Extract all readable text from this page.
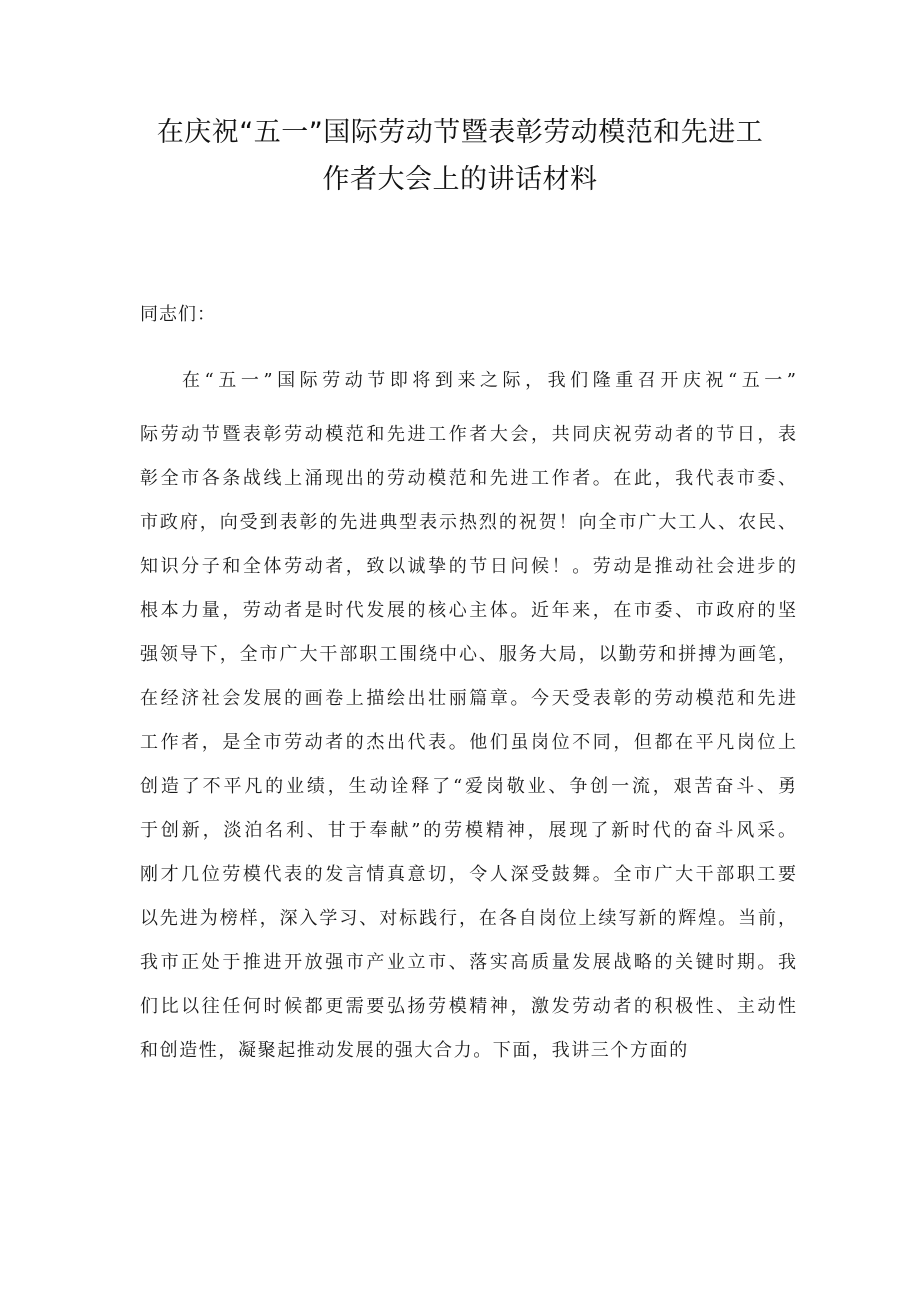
在庆祝“五一”国际劳动节暨表彰劳动模范和先进工
作者大会上的讲话材料
同志们：
在“五一”国际劳动节即将到来之际，我们隆重召开庆祝“五一”
际劳动节暨表彰劳动模范和先进工作者大会，共同庆祝劳动者的节日，表
彰全市各条战线上涌现出的劳动模范和先进工作者。在此，我代表市委、
市政府，向受到表彰的先进典型表示热烈的祝贺！向全市广大工人、农民、
知识分子和全体劳动者，致以诚挚的节日问候！。劳动是推动社会进步的
根本力量，劳动者是时代发展的核心主体。近年来，在市委、市政府的坚
强领导下，全市广大干部职工围绕中心、服务大局，以勤劳和拼搏为画笔，
在经济社会发展的画卷上描绘出壮丽篇章。今天受表彰的劳动模范和先进
工作者，是全市劳动者的杰出代表。他们虽岗位不同，但都在平凡岗位上
创造了不平凡的业绩，生动诠释了“爱岗敬业、争创一流，艰苦奋斗、勇
于创新，淡泊名利、甘于奉献”的劳模精神，展现了新时代的奋斗风采。
刚才几位劳模代表的发言情真意切，令人深受鼓舞。全市广大干部职工要
以先进为榜样，深入学习、对标践行，在各自岗位上续写新的辉煌。当前，
我市正处于推进开放强市产业立市、落实高质量发展战略的关键时期。我
们比以往任何时候都更需要弘扬劳模精神，激发劳动者的积极性、主动性
和创造性，凝聚起推动发展的强大合力。下面，我讲三个方面的
